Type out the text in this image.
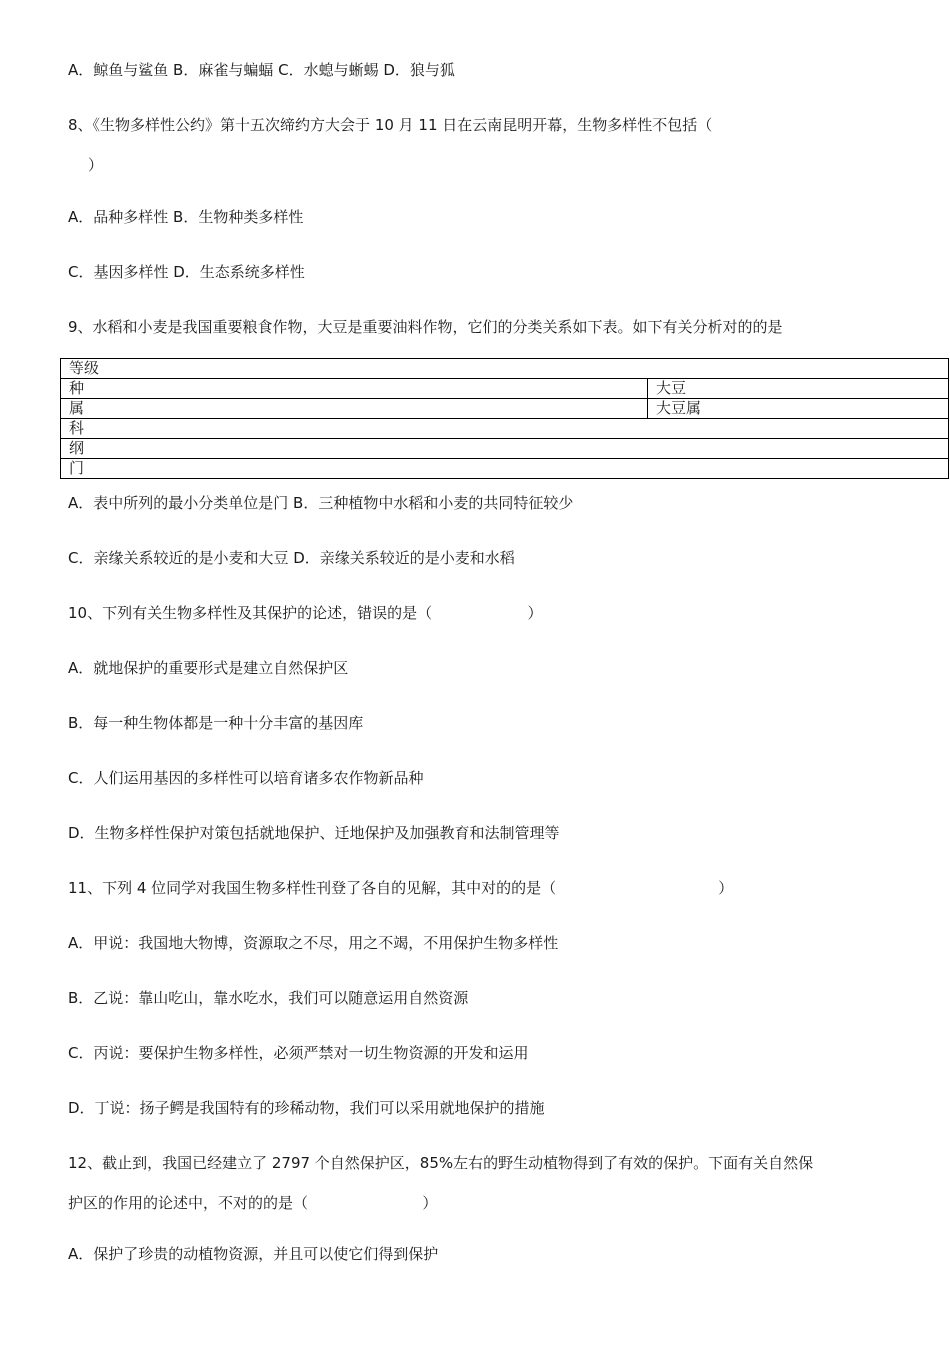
A．鲸鱼与鲨鱼 B．麻雀与蝙蝠 C．水螅与蜥蜴 D．狼与狐
8、《生物多样性公约》第十五次缔约方大会于 10 月 11 日在云南昆明开幕，生物多样性不包括（
）
A．品种多样性 B．生物种类多样性
C．基因多样性 D．生态系统多样性
9、水稻和小麦是我国重要粮食作物，大豆是重要油料作物，它们的分类关系如下表。如下有关分析对的的是
等级	
种	大豆
属	大豆属
科	
纲	
门	
A．表中所列的最小分类单位是门 B．三种植物中水稻和小麦的共同特征较少
C．亲缘关系较近的是小麦和大豆 D．亲缘关系较近的是小麦和水稻
10、下列有关生物多样性及其保护的论述，错误的是（                    ）
A．就地保护的重要形式是建立自然保护区
B．每一种生物体都是一种十分丰富的基因库
C．人们运用基因的多样性可以培育诸多农作物新品种
D．生物多样性保护对策包括就地保护、迁地保护及加强教育和法制管理等
11、下列 4 位同学对我国生物多样性刊登了各自的见解，其中对的的是（                                  ）
A．甲说：我国地大物博，资源取之不尽，用之不竭，不用保护生物多样性
B．乙说：靠山吃山，靠水吃水，我们可以随意运用自然资源
C．丙说：要保护生物多样性，必须严禁对一切生物资源的开发和运用
D．丁说：扬子鳄是我国特有的珍稀动物，我们可以采用就地保护的措施
12、截止到，我国已经建立了 2797 个自然保护区，85%左右的野生动植物得到了有效的保护。下面有关自然保
护区的作用的论述中，不对的的是（                        ）
A．保护了珍贵的动植物资源，并且可以使它们得到保护
